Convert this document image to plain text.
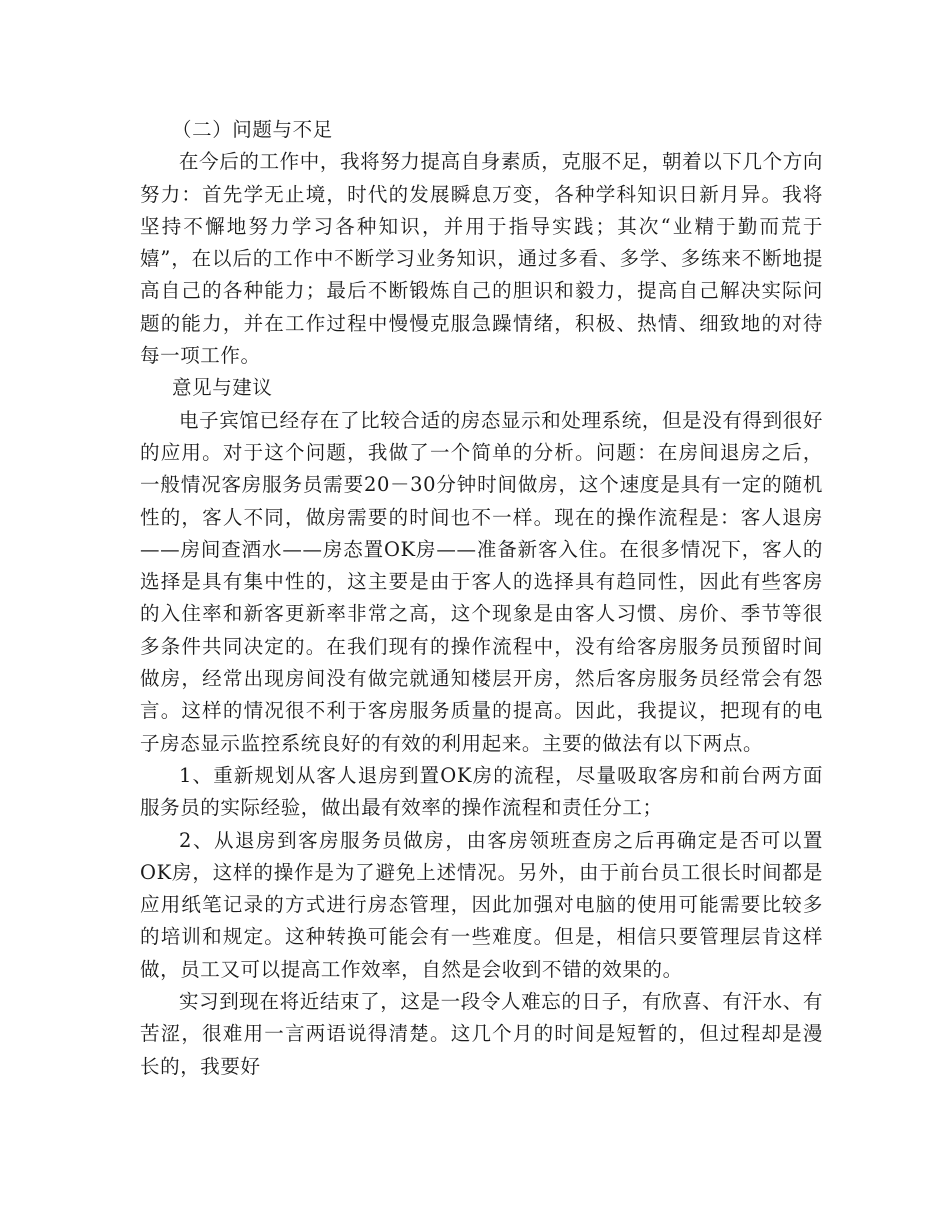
（二）问题与不足

在今后的工作中，我将努力提高自身素质，克服不足，朝着以下几个方向努力：首先学无止境，时代的发展瞬息万变，各种学科知识日新月异。我将坚持不懈地努力学习各种知识，并用于指导实践；其次“业精于勤而荒于嬉”，在以后的工作中不断学习业务知识，通过多看、多学、多练来不断地提高自己的各种能力；最后不断锻炼自己的胆识和毅力，提高自己解决实际问题的能力，并在工作过程中慢慢克服急躁情绪，积极、热情、细致地的对待每一项工作。

意见与建议

电子宾馆已经存在了比较合适的房态显示和处理系统，但是没有得到很好的应用。对于这个问题，我做了一个简单的分析。问题：在房间退房之后，一般情况客房服务员需要20－30分钟时间做房，这个速度是具有一定的随机性的，客人不同，做房需要的时间也不一样。现在的操作流程是：客人退房——房间查酒水——房态置OK房——准备新客入住。在很多情况下，客人的选择是具有集中性的，这主要是由于客人的选择具有趋同性，因此有些客房的入住率和新客更新率非常之高，这个现象是由客人习惯、房价、季节等很多条件共同决定的。在我们现有的操作流程中，没有给客房服务员预留时间做房，经常出现房间没有做完就通知楼层开房，然后客房服务员经常会有怨言。这样的情况很不利于客房服务质量的提高。因此，我提议，把现有的电子房态显示监控系统良好的有效的利用起来。主要的做法有以下两点。

1、重新规划从客人退房到置OK房的流程，尽量吸取客房和前台两方面服务员的实际经验，做出最有效率的操作流程和责任分工；

2、从退房到客房服务员做房，由客房领班查房之后再确定是否可以置OK房，这样的操作是为了避免上述情况。另外，由于前台员工很长时间都是应用纸笔记录的方式进行房态管理，因此加强对电脑的使用可能需要比较多的培训和规定。这种转换可能会有一些难度。但是，相信只要管理层肯这样做，员工又可以提高工作效率，自然是会收到不错的效果的。

实习到现在将近结束了，这是一段令人难忘的日子，有欣喜、有汗水、有苦涩，很难用一言两语说得清楚。这几个月的时间是短暂的，但过程却是漫长的，我要好
